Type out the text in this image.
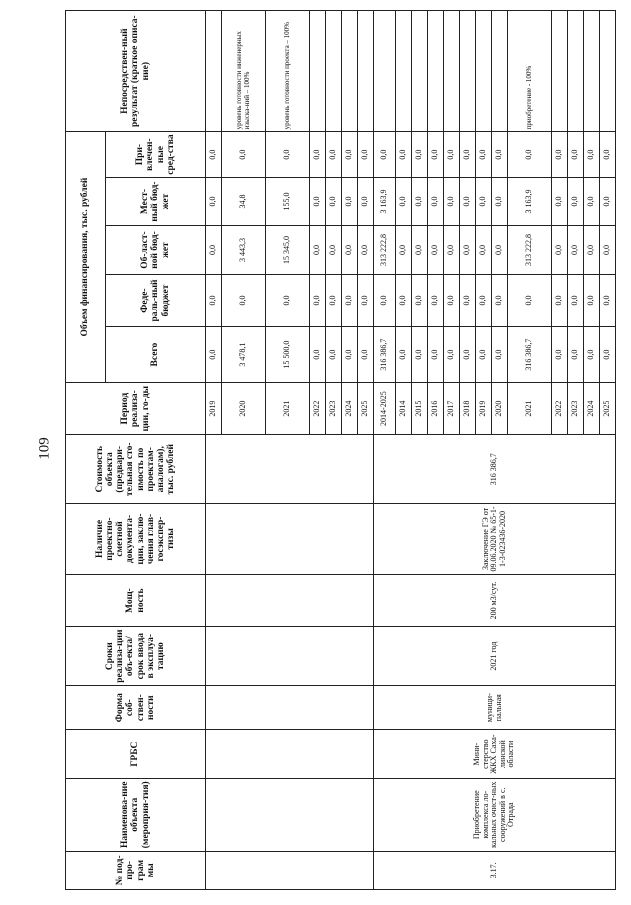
109
№ под-про-грам мы	Наименова-ние объекта (мероприя-тия)	ГРБС	Форма соб-ствен-ности	Сроки реализа-ции объ-екта/срок ввода в эксплуа-тацию	Мощ-ность	Наличие проектно-сметной документа-ции, заклю-чения глав-госэкспер-тизы	Стоимость объекта (предвари-тельная сто-имость по проектам-аналогам), тыс. рублей	Период реализа-ции, го-ды	Объем финансирования, тыс. рублей					Непосредствен-ный результат (краткое описа-ние)
									Всего	Феде-раль-ный бюджет	Об-ласт-ной бюд-жет	Мест-ный бюд-жет	При-влечен-ные сред-ства	
								2019	0,0	0,0	0,0	0,0	0,0	
								2020	3 478,1	0,0	3 443,3	34,8	0,0	уровень готовности инженерных изыска-ний – 100%
								2021	15 500,0	0,0	15 345,0	155,0	0,0	уровень готовности проекта – 100%
								2022	0,0	0,0	0,0	0,0	0,0	
								2023	0,0	0,0	0,0	0,0	0,0	
								2024	0,0	0,0	0,0	0,0	0,0	
								2025	0,0	0,0	0,0	0,0	0,0	
3.17.	Приобретение комплекса ло-кальных очист-ных сооружений в с. Отрада	Мини-стерство ЖКХ Саха-линской области	муници-пальная	2021 год	200 м3/сут.	Заключение ГЭ от 09.06.2020 № 65-1-1-3-023436-2020	316 386,7	2014-2025	316 386,7	0,0	313 222,8	3 163,9	0,0	
								2014	0,0	0,0	0,0	0,0	0,0	
								2015	0,0	0,0	0,0	0,0	0,0	
								2016	0,0	0,0	0,0	0,0	0,0	
								2017	0,0	0,0	0,0	0,0	0,0	
								2018	0,0	0,0	0,0	0,0	0,0	
								2019	0,0	0,0	0,0	0,0	0,0	
								2020	0,0	0,0	0,0	0,0	0,0	
								2021	316 386,7	0,0	313 222,8	3 163,9	0,0	приобретение - 100%
								2022	0,0	0,0	0,0	0,0	0,0	
								2023	0,0	0,0	0,0	0,0	0,0	
								2024	0,0	0,0	0,0	0,0	0,0	
								2025	0,0	0,0	0,0	0,0	0,0	
